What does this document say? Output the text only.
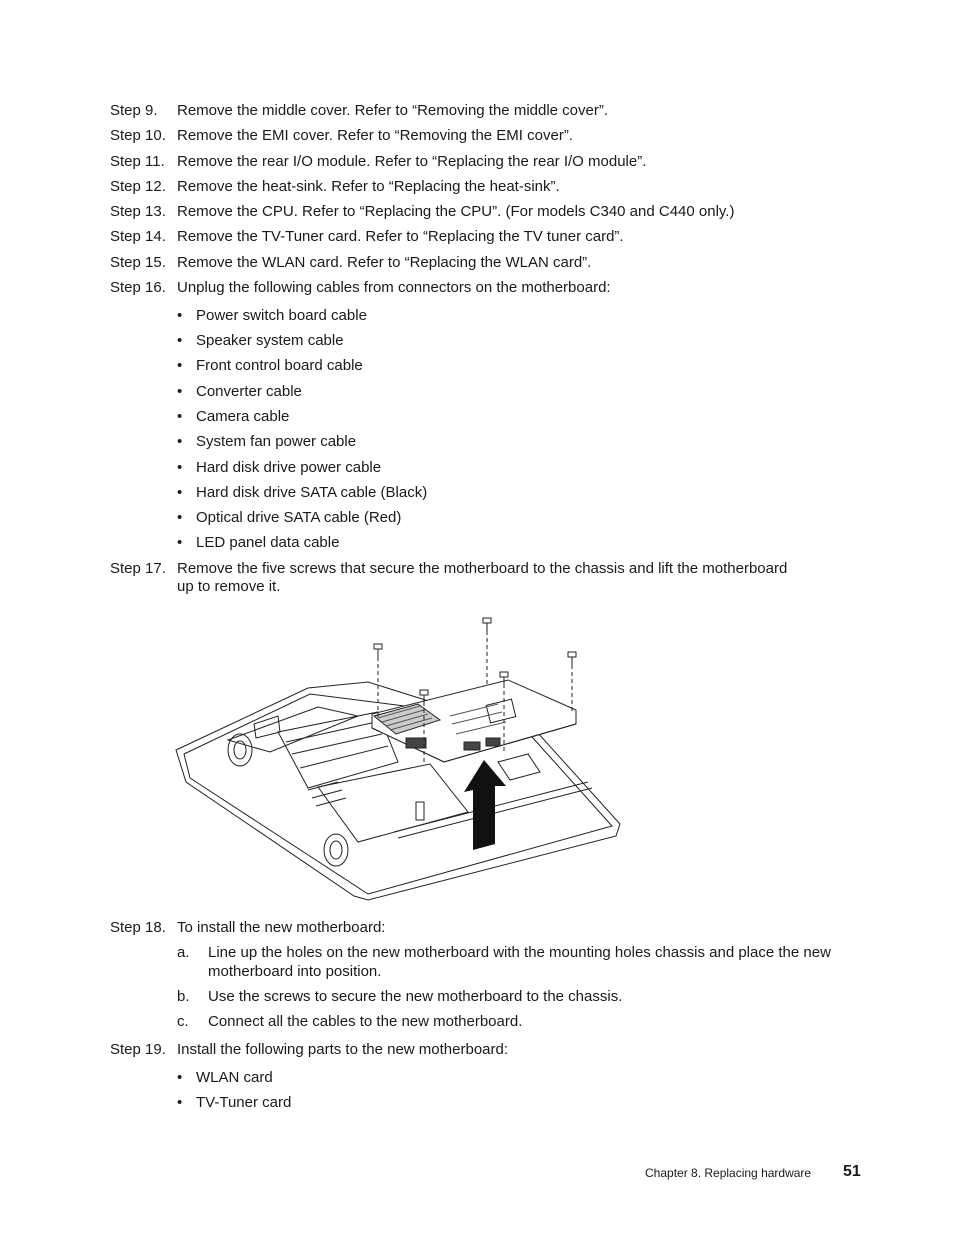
Step 9. Remove the middle cover. Refer to “Removing the middle cover”.
Step 10. Remove the EMI cover. Refer to “Removing the EMI cover”.
Step 11. Remove the rear I/O module. Refer to “Replacing the rear I/O module”.
Step 12. Remove the heat-sink. Refer to “Replacing the heat-sink”.
Step 13. Remove the CPU. Refer to “Replacing the CPU”. (For models C340 and C440 only.)
Step 14. Remove the TV-Tuner card. Refer to “Replacing the TV tuner card”.
Step 15. Remove the WLAN card. Refer to “Replacing the WLAN card”.
Step 16. Unplug the following cables from connectors on the motherboard:
• Power switch board cable
• Speaker system cable
• Front control board cable
• Converter cable
• Camera cable
• System fan power cable
• Hard disk drive power cable
• Hard disk drive SATA cable (Black)
• Optical drive SATA cable (Red)
• LED panel data cable
Step 17. Remove the five screws that secure the motherboard to the chassis and lift the motherboard
up to remove it.
Step 18. To install the new motherboard:
a. Line up the holes on the new motherboard with the mounting holes chassis and place the new motherboard into position.
b. Use the screws to secure the new motherboard to the chassis.
c. Connect all the cables to the new motherboard.
Step 19. Install the following parts to the new motherboard:
• WLAN card
• TV-Tuner card
Chapter 8. Replacing hardware 51
